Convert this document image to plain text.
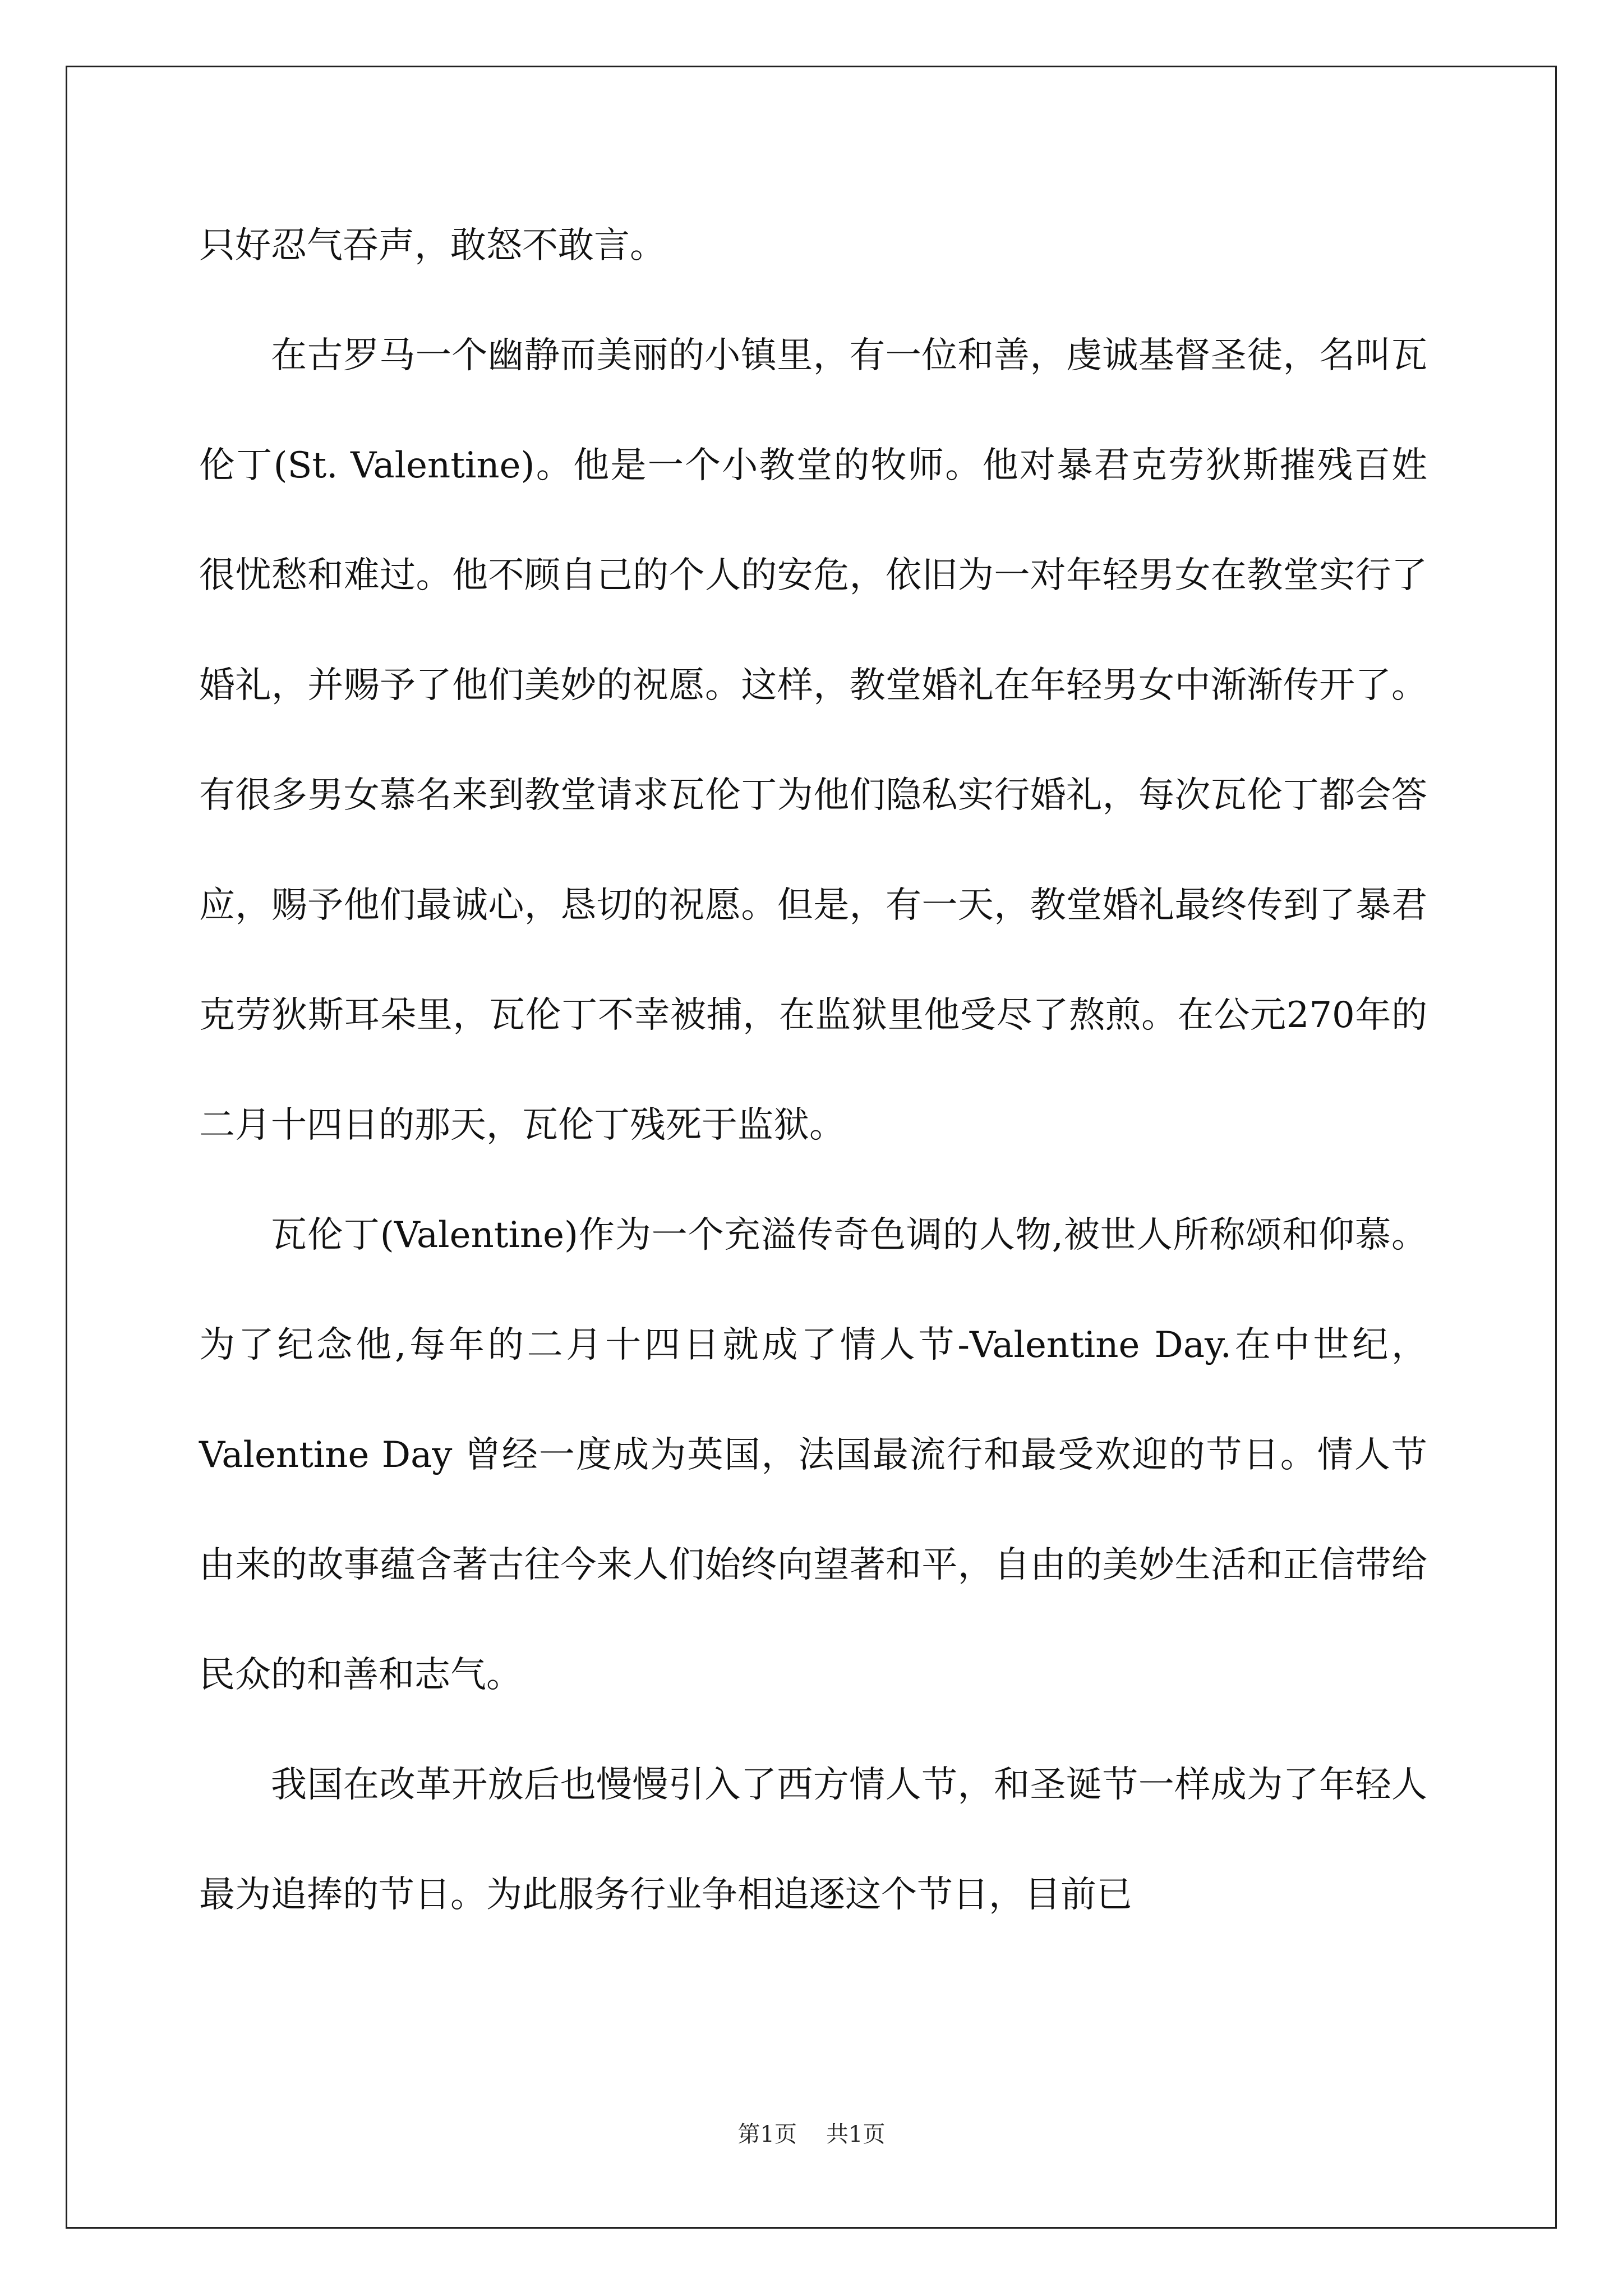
只好忍气吞声，敢怒不敢言。

在古罗马一个幽静而美丽的小镇里，有一位和善，虔诚基督圣徒，名叫瓦伦丁(St. Valentine)。他是一个小教堂的牧师。他对暴君克劳狄斯摧残百姓很忧愁和难过。他不顾自己的个人的安危，依旧为一对年轻男女在教堂实行了婚礼，并赐予了他们美妙的祝愿。这样，教堂婚礼在年轻男女中渐渐传开了。有很多男女慕名来到教堂请求瓦伦丁为他们隐私实行婚礼，每次瓦伦丁都会答应，赐予他们最诚心，恳切的祝愿。但是，有一天，教堂婚礼最终传到了暴君克劳狄斯耳朵里，瓦伦丁不幸被捕，在监狱里他受尽了熬煎。在公元270年的二月十四日的那天，瓦伦丁残死于监狱。

瓦伦丁(Valentine)作为一个充溢传奇色调的人物,被世人所称颂和仰慕。为了纪念他,每年的二月十四日就成了情人节-Valentine Day.在中世纪，Valentine Day 曾经一度成为英国，法国最流行和最受欢迎的节日。情人节由来的故事蕴含著古往今来人们始终向望著和平，自由的美妙生活和正信带给民众的和善和志气。

我国在改革开放后也慢慢引入了西方情人节，和圣诞节一样成为了年轻人最为追捧的节日。为此服务行业争相追逐这个节日，目前已

第1页 共1页
